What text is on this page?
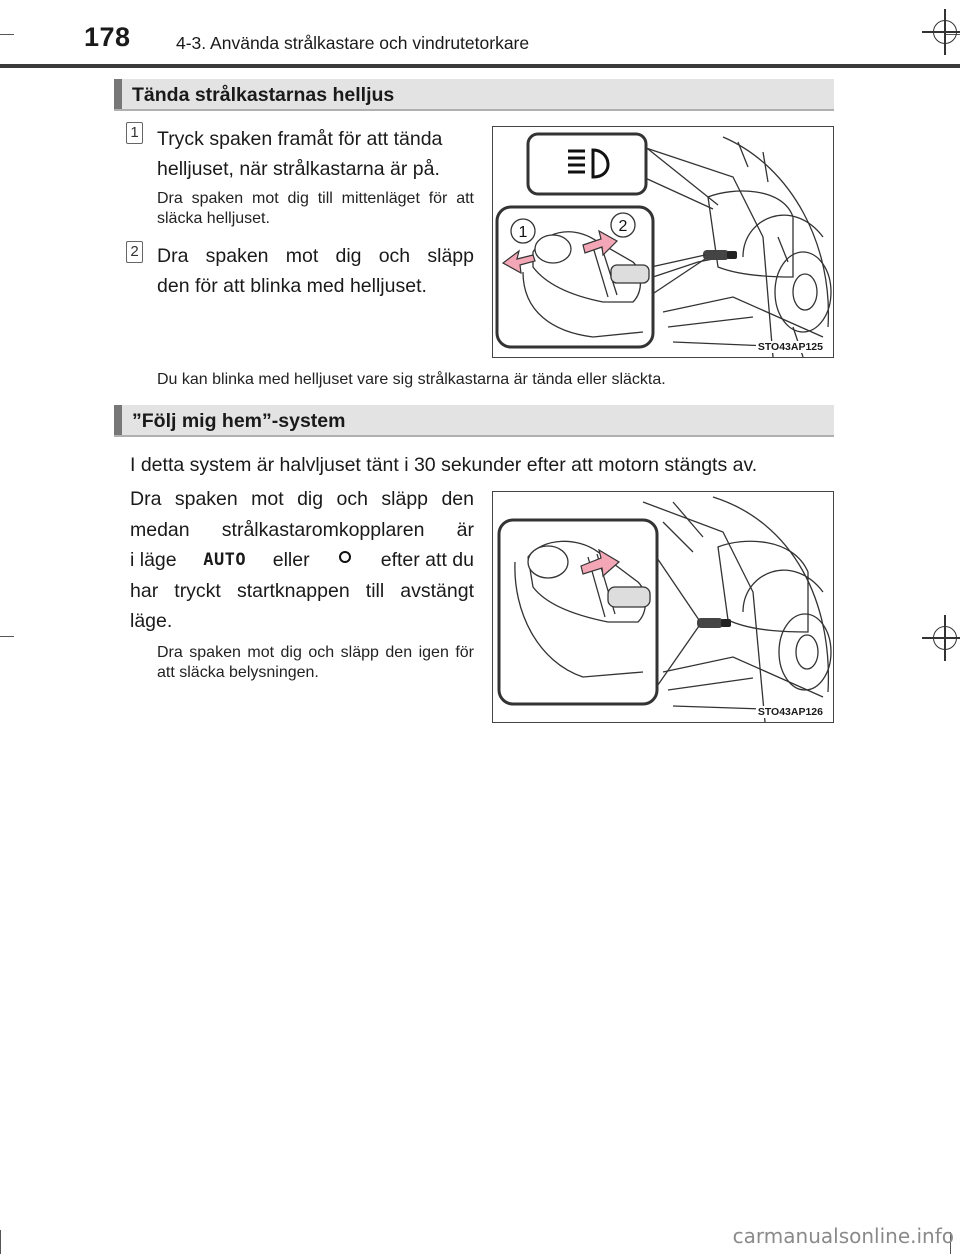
178	4-3. Använda strålkastare och vindrutetorkare
Tända strålkastarnas helljus
1 Tryck spaken framåt för att tända
helljuset, när strålkastarna är på.
Dra spaken mot dig till mittenläget för att släcka helljuset.
2 Dra spaken mot dig och släpp
den för att blinka med helljuset.
1	2
STO43AP125
Du kan blinka med helljuset vare sig strålkastarna är tända eller släckta.
”Följ mig hem”-system
I detta system är halvljuset tänt i 30 sekunder efter att motorn stängts av.
Dra spaken mot dig och släpp den
medan strålkastaromkopplaren är
i läge AUTO eller	efter att du
har tryckt startknappen till avstängt
läge.
Dra spaken mot dig och släpp den igen för att släcka belysningen.
STO43AP126
carmanualsonline.info
